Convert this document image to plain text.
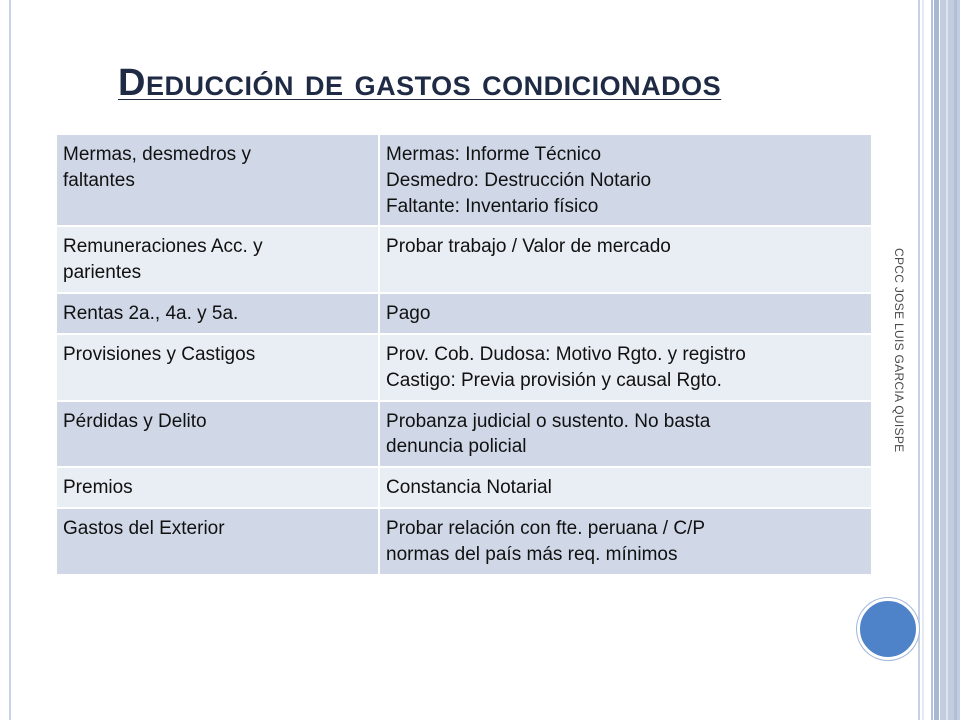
Deducción de gastos condicionados
CPCC JOSE LUIS GARCIA QUISPE
Mermas, desmedros y
faltantes	Mermas: Informe Técnico
Desmedro: Destrucción Notario
Faltante: Inventario físico

Remuneraciones Acc. y
parientes	Probar trabajo / Valor de mercado

Rentas 2a., 4a. y 5a.	Pago

Provisiones y Castigos	Prov. Cob. Dudosa: Motivo Rgto. y registro
Castigo: Previa provisión y causal Rgto.

Pérdidas y Delito	Probanza judicial o sustento. No basta
denuncia policial

Premios	Constancia Notarial

Gastos del Exterior	Probar relación con fte. peruana / C/P
normas del país más req. mínimos
